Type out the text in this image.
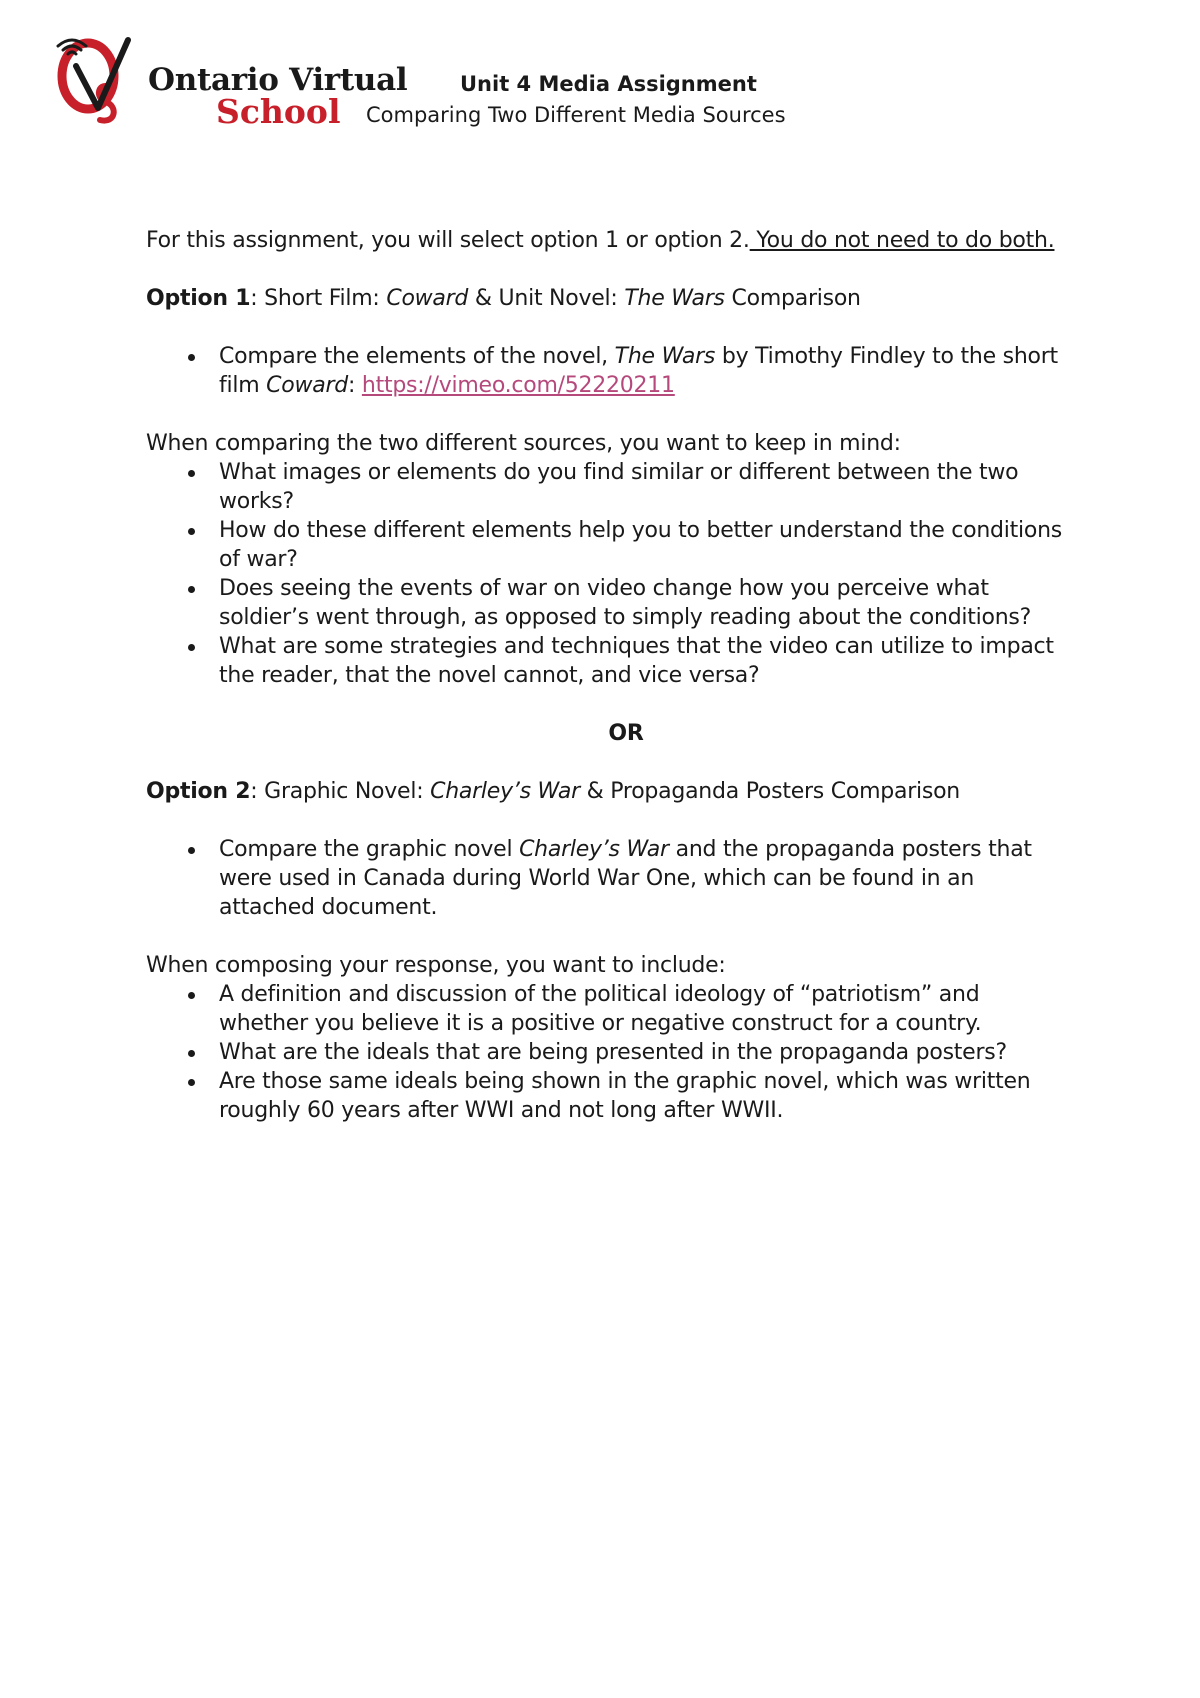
Ontario Virtual
School
Unit 4 Media Assignment
Comparing Two Different Media Sources

For this assignment, you will select option 1 or option 2. You do not need to do both.

Option 1: Short Film: Coward & Unit Novel: The Wars Comparison

Compare the elements of the novel, The Wars by Timothy Findley to the short film Coward: https://vimeo.com/52220211

When comparing the two different sources, you want to keep in mind:

What images or elements do you find similar or different between the two works?
How do these different elements help you to better understand the conditions of war?
Does seeing the events of war on video change how you perceive what soldier’s went through, as opposed to simply reading about the conditions?
What are some strategies and techniques that the video can utilize to impact the reader, that the novel cannot, and vice versa?

OR

Option 2: Graphic Novel: Charley’s War & Propaganda Posters Comparison

Compare the graphic novel Charley’s War and the propaganda posters that were used in Canada during World War One, which can be found in an attached document.

When composing your response, you want to include:

A definition and discussion of the political ideology of “patriotism” and whether you believe it is a positive or negative construct for a country.
What are the ideals that are being presented in the propaganda posters?
Are those same ideals being shown in the graphic novel, which was written roughly 60 years after WWI and not long after WWII.
